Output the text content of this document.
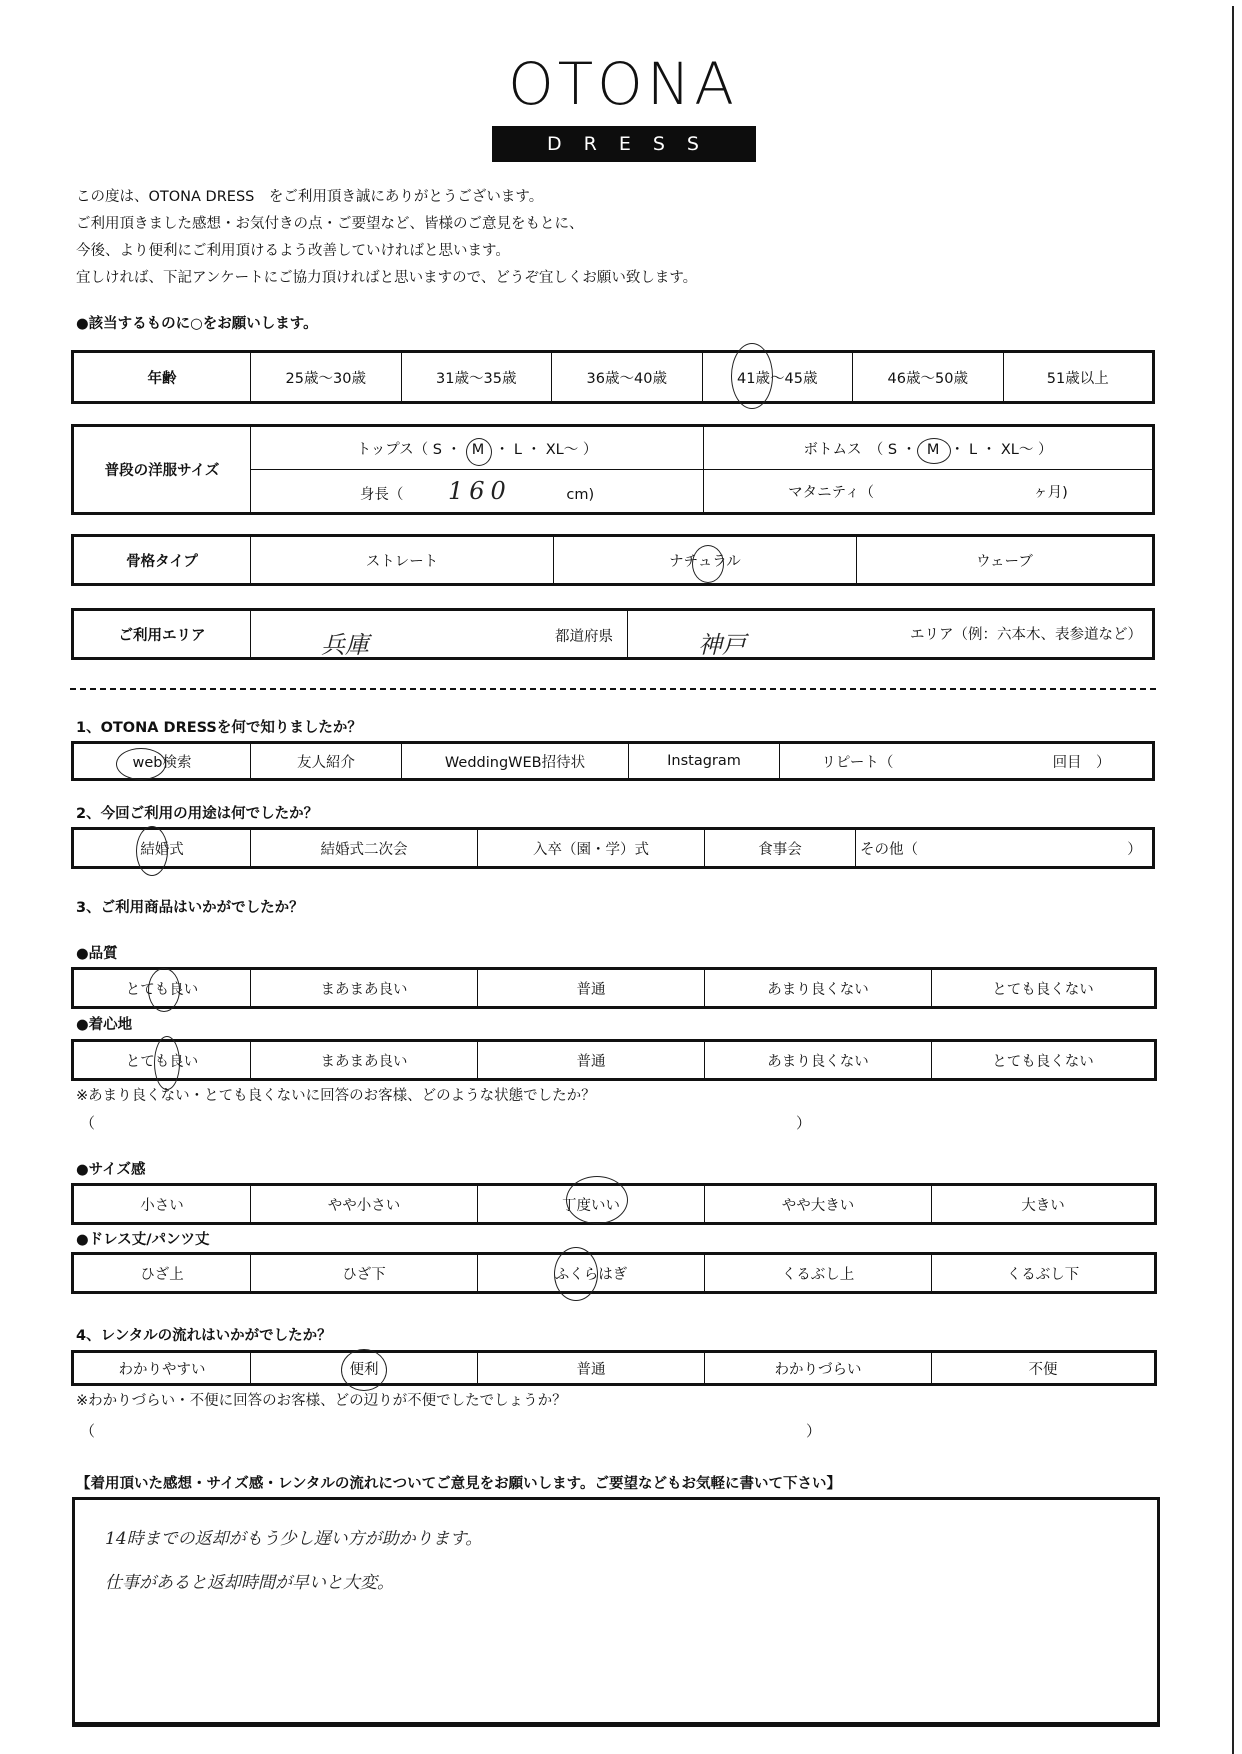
OTONA
DRESS
この度は、OTONA DRESS　をご利用頂き誠にありがとうございます。
ご利用頂きました感想・お気付きの点・ご要望など、皆様のご意見をもとに、
今後、より便利にご利用頂けるよう改善していければと思います。
宜しければ、下記アンケートにご協力頂ければと思いますので、どうぞ宜しくお願い致します。
●該当するものに○をお願いします。
年齢	25歳～30歳	31歳～35歳	36歳～40歳	41歳～45歳	46歳～50歳	51歳以上
普段の洋服サイズ	トップス（ S ・ M ・ L ・ XL～ ）	ボトムス　（ S ・ M ・ L ・ XL～ ）
	身長（ 160 cm)	マタニティ（ ヶ月)
骨格タイプ	ストレート	ナチュラル	ウェーブ
ご利用エリア	兵庫	都道府県	神戸	エリア（例：六本木、表参道など）
1、OTONA DRESSを何で知りましたか？
web検索	友人紹介	WeddingWEB招待状	Instagram	リピート（	回目　）
2、今回ご利用の用途は何でしたか？
結婚式	結婚式二次会	入卒（園・学）式	食事会	その他（	）
3、ご利用商品はいかがでしたか？
●品質
とても良い	まあまあ良い	普通	あまり良くない	とても良くない
●着心地
とても良い	まあまあ良い	普通	あまり良くない	とても良くない
※あまり良くない・とても良くないに回答のお客様、どのような状態でしたか？
（	）
●サイズ感
小さい	やや小さい	丁度いい	やや大きい	大きい
●ドレス丈/パンツ丈
ひざ上	ひざ下	ふくらはぎ	くるぶし上	くるぶし下
4、レンタルの流れはいかがでしたか？
わかりやすい	便利	普通	わかりづらい	不便
※わかりづらい・不便に回答のお客様、どの辺りが不便でしたでしょうか？
（	）
【着用頂いた感想・サイズ感・レンタルの流れについてご意見をお願いします。ご要望などもお気軽に書いて下さい】
14時までの返却がもう少し遅い方が助かります。
仕事があると返却時間が早いと大変。
